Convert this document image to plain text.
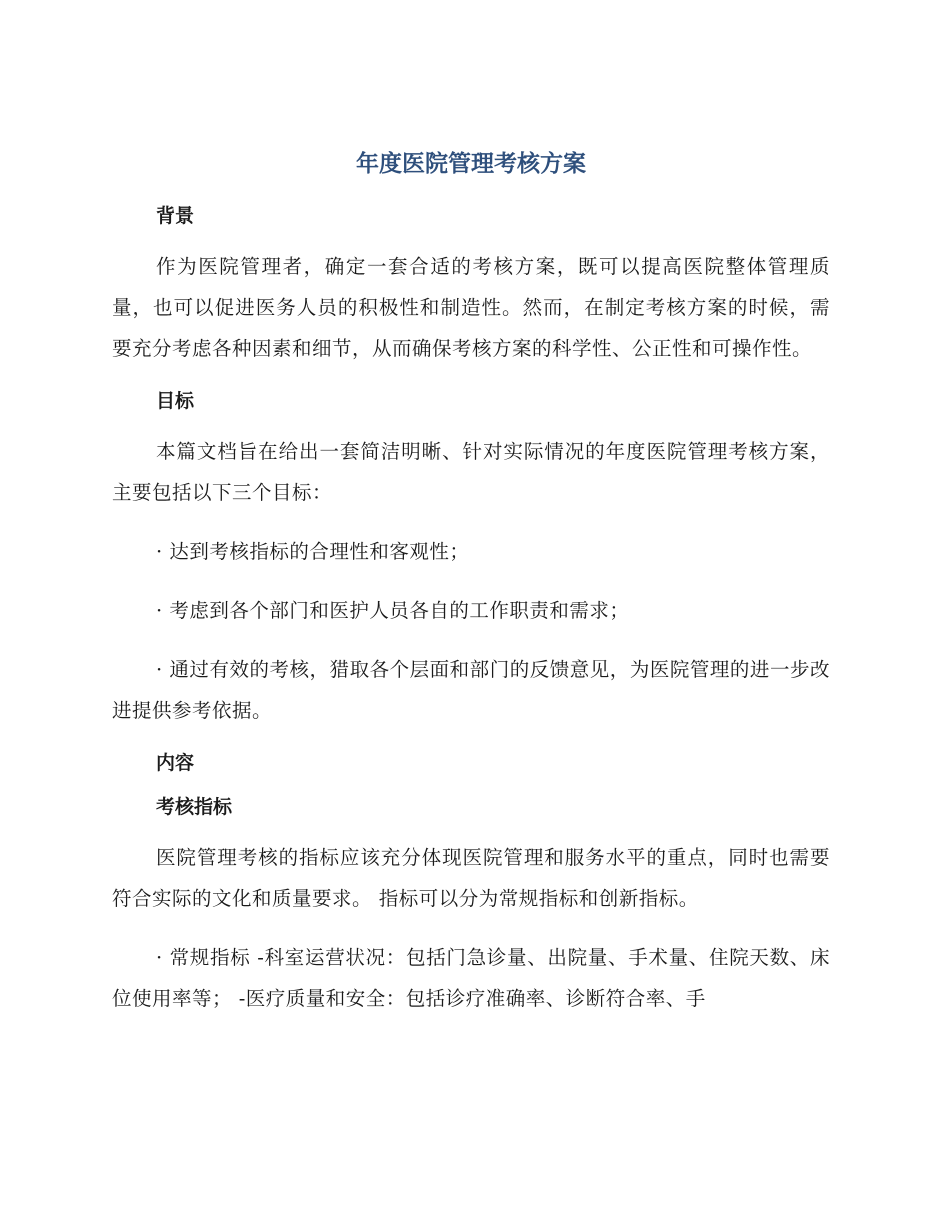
年度医院管理考核方案
背景

作为医院管理者，确定一套合适的考核方案，既可以提高医院整体管理质量，也可以促进医务人员的积极性和制造性。然而，在制定考核方案的时候，需要充分考虑各种因素和细节，从而确保考核方案的科学性、公正性和可操作性。

目标

本篇文档旨在给出一套简洁明晰、针对实际情况的年度医院管理考核方案，主要包括以下三个目标：

· 达到考核指标的合理性和客观性；

· 考虑到各个部门和医护人员各自的工作职责和需求；

· 通过有效的考核，猎取各个层面和部门的反馈意见，为医院管理的进一步改进提供参考依据。

内容
考核指标

医院管理考核的指标应该充分体现医院管理和服务水平的重点，同时也需要符合实际的文化和质量要求。 指标可以分为常规指标和创新指标。

· 常规指标 -科室运营状况：包括门急诊量、出院量、手术量、住院天数、床位使用率等； -医疗质量和安全：包括诊疗准确率、诊断符合率、手
